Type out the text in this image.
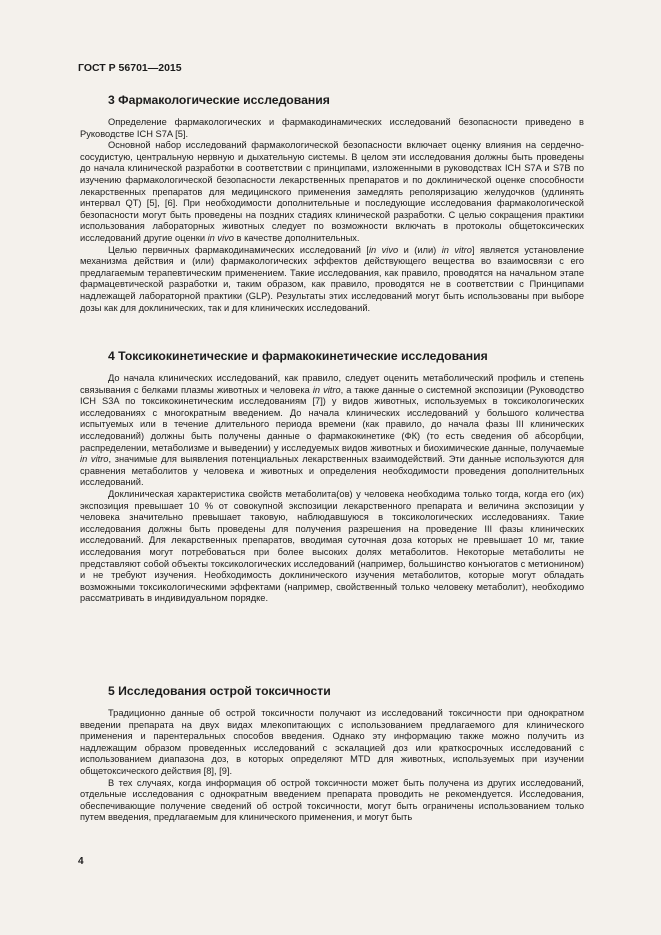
ГОСТ Р 56701—2015
3 Фармакологические исследования

Определение фармакологических и фармакодинамических исследований безопасности приведено в Руководстве ICH S7A [5].

Основной набор исследований фармакологической безопасности включает оценку влияния на сердечно-сосудистую, центральную нервную и дыхательную системы. В целом эти исследования должны быть проведены до начала клинической разработки в соответствии с принципами, изложенными в руководствах ICH S7A и S7B по изучению фармакологической безопасности лекарственных препаратов и по доклинической оценке способности лекарственных препаратов для медицинского применения замедлять реполяризацию желудочков (удлинять интервал QT) [5], [6]. При необходимости дополнительные и последующие исследования фармакологической безопасности могут быть проведены на поздних стадиях клинической разработки. С целью сокращения практики использования лабораторных животных следует по возможности включать в протоколы общетоксических исследований другие оценки in vivo в качестве дополнительных.

Целью первичных фармакодинамических исследований [in vivo и (или) in vitro] является установление механизма действия и (или) фармакологических эффектов действующего вещества во взаимосвязи с его предлагаемым терапевтическим применением. Такие исследования, как правило, проводятся на начальном этапе фармацевтической разработки и, таким образом, как правило, проводятся не в соответствии с Принципами надлежащей лабораторной практики (GLP). Результаты этих исследований могут быть использованы при выборе дозы как для доклинических, так и для клинических исследований.

4 Токсикокинетические и фармакокинетические исследования

До начала клинических исследований, как правило, следует оценить метаболический профиль и степень связывания с белками плазмы животных и человека in vitro, а также данные о системной экспозиции (Руководство ICH S3A по токсикокинетическим исследованиям [7]) у видов животных, используемых в токсикологических исследованиях с многократным введением. До начала клинических исследований у большого количества испытуемых или в течение длительного периода времени (как правило, до начала фазы III клинических исследований) должны быть получены данные о фармакокинетике (ФК) (то есть сведения об абсорбции, распределении, метаболизме и выведении) у исследуемых видов животных и биохимические данные, получаемые in vitro, значимые для выявления потенциальных лекарственных взаимодействий. Эти данные используются для сравнения метаболитов у человека и животных и определения необходимости проведения дополнительных исследований.

Доклиническая характеристика свойств метаболита(ов) у человека необходима только тогда, когда его (их) экспозиция превышает 10 % от совокупной экспозиции лекарственного препарата и величина экспозиции у человека значительно превышает таковую, наблюдавшуюся в токсикологических исследованиях. Такие исследования должны быть проведены для получения разрешения на проведение III фазы клинических исследований. Для лекарственных препаратов, вводимая суточная доза которых не превышает 10 мг, такие исследования могут потребоваться при более высоких долях метаболитов. Некоторые метаболиты не представляют собой объекты токсикологических исследований (например, большинство конъюгатов с метионином) и не требуют изучения. Необходимость доклинического изучения метаболитов, которые могут обладать возможными токсикологическими эффектами (например, свойственный только человеку метаболит), необходимо рассматривать в индивидуальном порядке.

5 Исследования острой токсичности

Традиционно данные об острой токсичности получают из исследований токсичности при однократном введении препарата на двух видах млекопитающих с использованием предлагаемого для клинического применения и парентеральных способов введения. Однако эту информацию также можно получить из надлежащим образом проведенных исследований с эскалацией доз или краткосрочных исследований с использованием диапазона доз, в которых определяют MTD для животных, используемых при изучении общетоксического действия [8], [9].

В тех случаях, когда информация об острой токсичности может быть получена из других исследований, отдельные исследования с однократным введением препарата проводить не рекомендуется. Исследования, обеспечивающие получение сведений об острой токсичности, могут быть ограничены использованием только путем введения, предлагаемым для клинического применения, и могут быть

4
